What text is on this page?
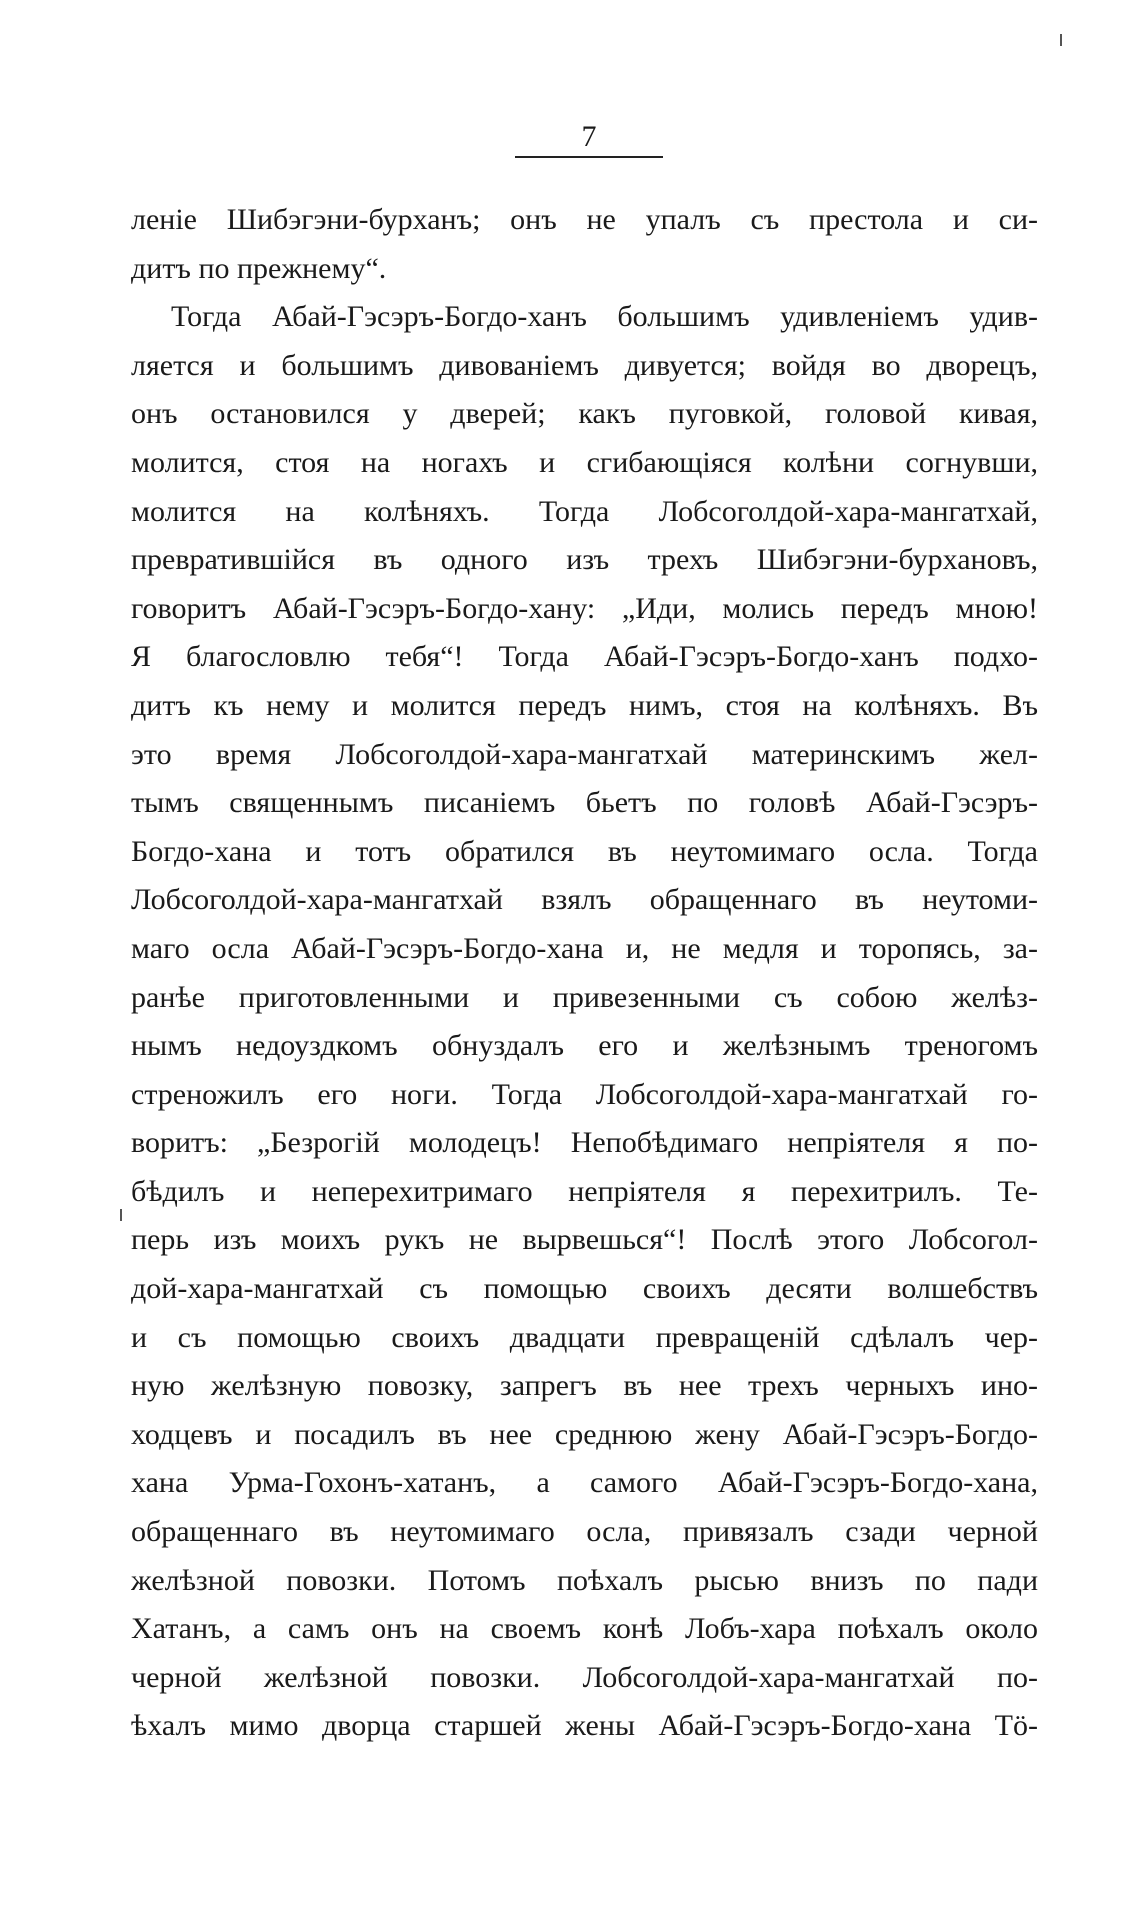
7
леніе Шибэгэни-бурханъ; онъ не упалъ съ престола и си-
дитъ по прежнему“.
Тогда Абай-Гэсэръ-Богдо-ханъ большимъ удивленіемъ удив-
ляется и большимъ дивованіемъ дивуется; войдя во дворецъ,
онъ остановился у дверей; какъ пуговкой, головой кивая,
молится, стоя на ногахъ и сгибающіяся колѣни согнувши,
молится на колѣняхъ. Тогда Лобсоголдой-хара-мангатхай,
превратившійся въ одного изъ трехъ Шибэгэни-бурхановъ,
говоритъ Абай-Гэсэръ-Богдо-хану: „Иди, молись передъ мною!
Я благословлю тебя“! Тогда Абай-Гэсэръ-Богдо-ханъ подхо-
дитъ къ нему и молится передъ нимъ, стоя на колѣняхъ. Въ
это время Лобсоголдой-хара-мангатхай материнскимъ жел-
тымъ священнымъ писаніемъ бьетъ по головѣ Абай-Гэсэръ-
Богдо-хана и тотъ обратился въ неутомимаго осла. Тогда
Лобсоголдой-хара-мангатхай взялъ обращеннаго въ неутоми-
маго осла Абай-Гэсэръ-Богдо-хана и, не медля и торопясь, за-
ранѣе приготовленными и привезенными съ собою желѣз-
нымъ недоуздкомъ обнуздалъ его и желѣзнымъ треногомъ
стреножилъ его ноги. Тогда Лобсоголдой-хара-мангатхай го-
воритъ: „Безрогій молодецъ! Непобѣдимаго непріятеля я по-
бѣдилъ и неперехитримаго непріятеля я перехитрилъ. Те-
перь изъ моихъ рукъ не вырвешься“! Послѣ этого Лобсогол-
дой-хара-мангатхай съ помощью своихъ десяти волшебствъ
и съ помощью своихъ двадцати превращеній сдѣлалъ чер-
ную желѣзную повозку, запрегъ въ нее трехъ черныхъ ино-
ходцевъ и посадилъ въ нее среднюю жену Абай-Гэсэръ-Богдо-
хана Урма-Гохонъ-хатанъ, а самого Абай-Гэсэръ-Богдо-хана,
обращеннаго въ неутомимаго осла, привязалъ сзади черной
желѣзной повозки. Потомъ поѣхалъ рысью внизъ по пади
Хатанъ, а самъ онъ на своемъ конѣ Лобъ-хара поѣхалъ около
черной желѣзной повозки. Лобсоголдой-хара-мангатхай по-
ѣхалъ мимо дворца старшей жены Абай-Гэсэръ-Богдо-хана Тö-
